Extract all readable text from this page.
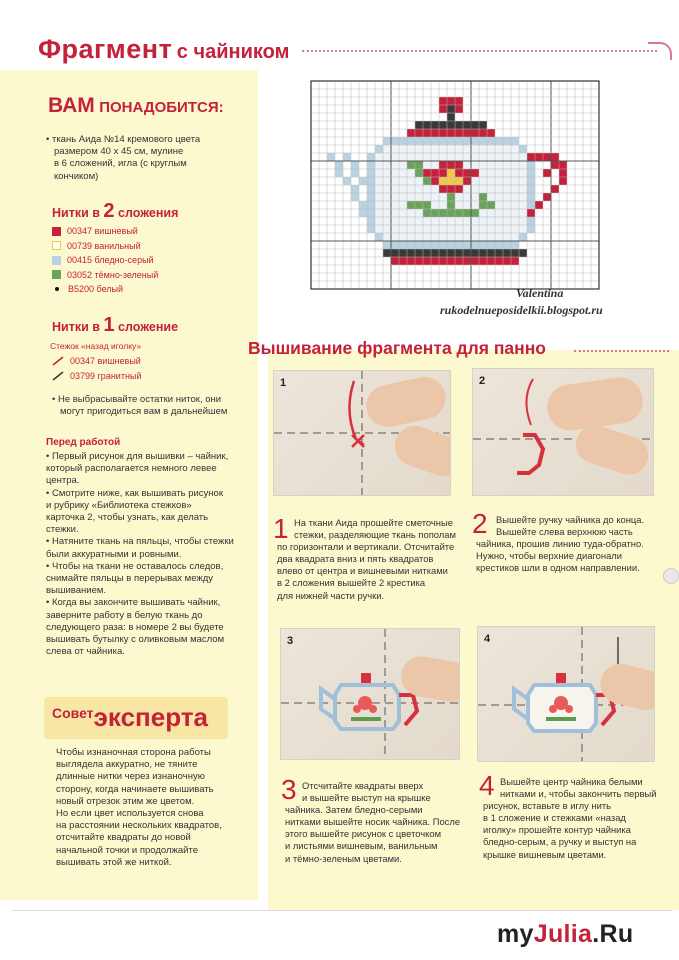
Фрагмент с чайником
ВАМ ПОНАДОБИТСЯ:
• ткань Аида №14 кремового цвета
размером 40 х 45 см, мулине
в 6 сложений, игла (с круглым
кончиком)
Нитки в 2 сложения
00347 вишневый
00739 ванильный
00415 бледно-серый
03052 тёмно-зеленый
B5200 белый
Нитки в 1 сложение
Стежок «назад иголку»
00347 вишневый
03799 гранитный
• Не выбрасывайте остатки ниток, они
могут пригодиться вам в дальнейшем
Перед работой
• Первый рисунок для вышивки – чайник,
который располагается немного левее
центра.
• Смотрите ниже, как вышивать рисунок
и рубрику «Библиотека стежков»
карточка 2, чтобы узнать, как делать
стежки.
• Натяните ткань на пяльцы, чтобы стежки
были аккуратными и ровными.
• Чтобы на ткани не оставалось следов,
снимайте пяльцы в перерывах между
вышиванием.
• Когда вы закончите вышивать чайник,
заверните работу в белую ткань до
следующего раза: в номере 2 вы будете
вышивать бутылку с оливковым маслом
слева от чайника.
Советэксперта
Чтобы изнаночная сторона работы
выглядела аккуратно, не тяните
длинные нитки через изнаночную
сторону, когда начинаете вышивать
новый отрезок этим же цветом.
Но если цвет используется снова
на расстоянии нескольких квадратов,
отсчитайте квадраты до новой
начальной точки и продолжайте
вышивать этой же ниткой.
Valentina
rukodelnueposidelkii.blogspot.ru
Вышивание фрагмента для панно
1	2
3	4
1 На ткани Аида прошейте сметочные
стежки, разделяющие ткань пополам
по горизонтали и вертикали. Отсчитайте
два квадрата вниз и пять квадратов
влево от центра и вишневыми нитками
в 2 сложения вышейте 2 крестика
для нижней части ручки.
2 Вышейте ручку чайника до конца.
Вышейте слева верхнюю часть
чайника, прошив линию туда-обратно.
Нужно, чтобы верхние диагонали
крестиков шли в одном направлении.
3 Отсчитайте квадраты вверх
и вышейте выступ на крышке
чайника. Затем бледно-серыми
нитками вышейте носик чайника. После
этого вышейте рисунок с цветочком
и листьями вишневым, ванильным
и тёмно-зеленым цветами.
4 Вышейте центр чайника белыми
нитками и, чтобы закончить первый
рисунок, вставьте в иглу нить
в 1 сложение и стежками «назад
иголку» прошейте контур чайника
бледно-серым, а ручку и выступ на
крышке вишневым цветами.
myJulia.Ru
